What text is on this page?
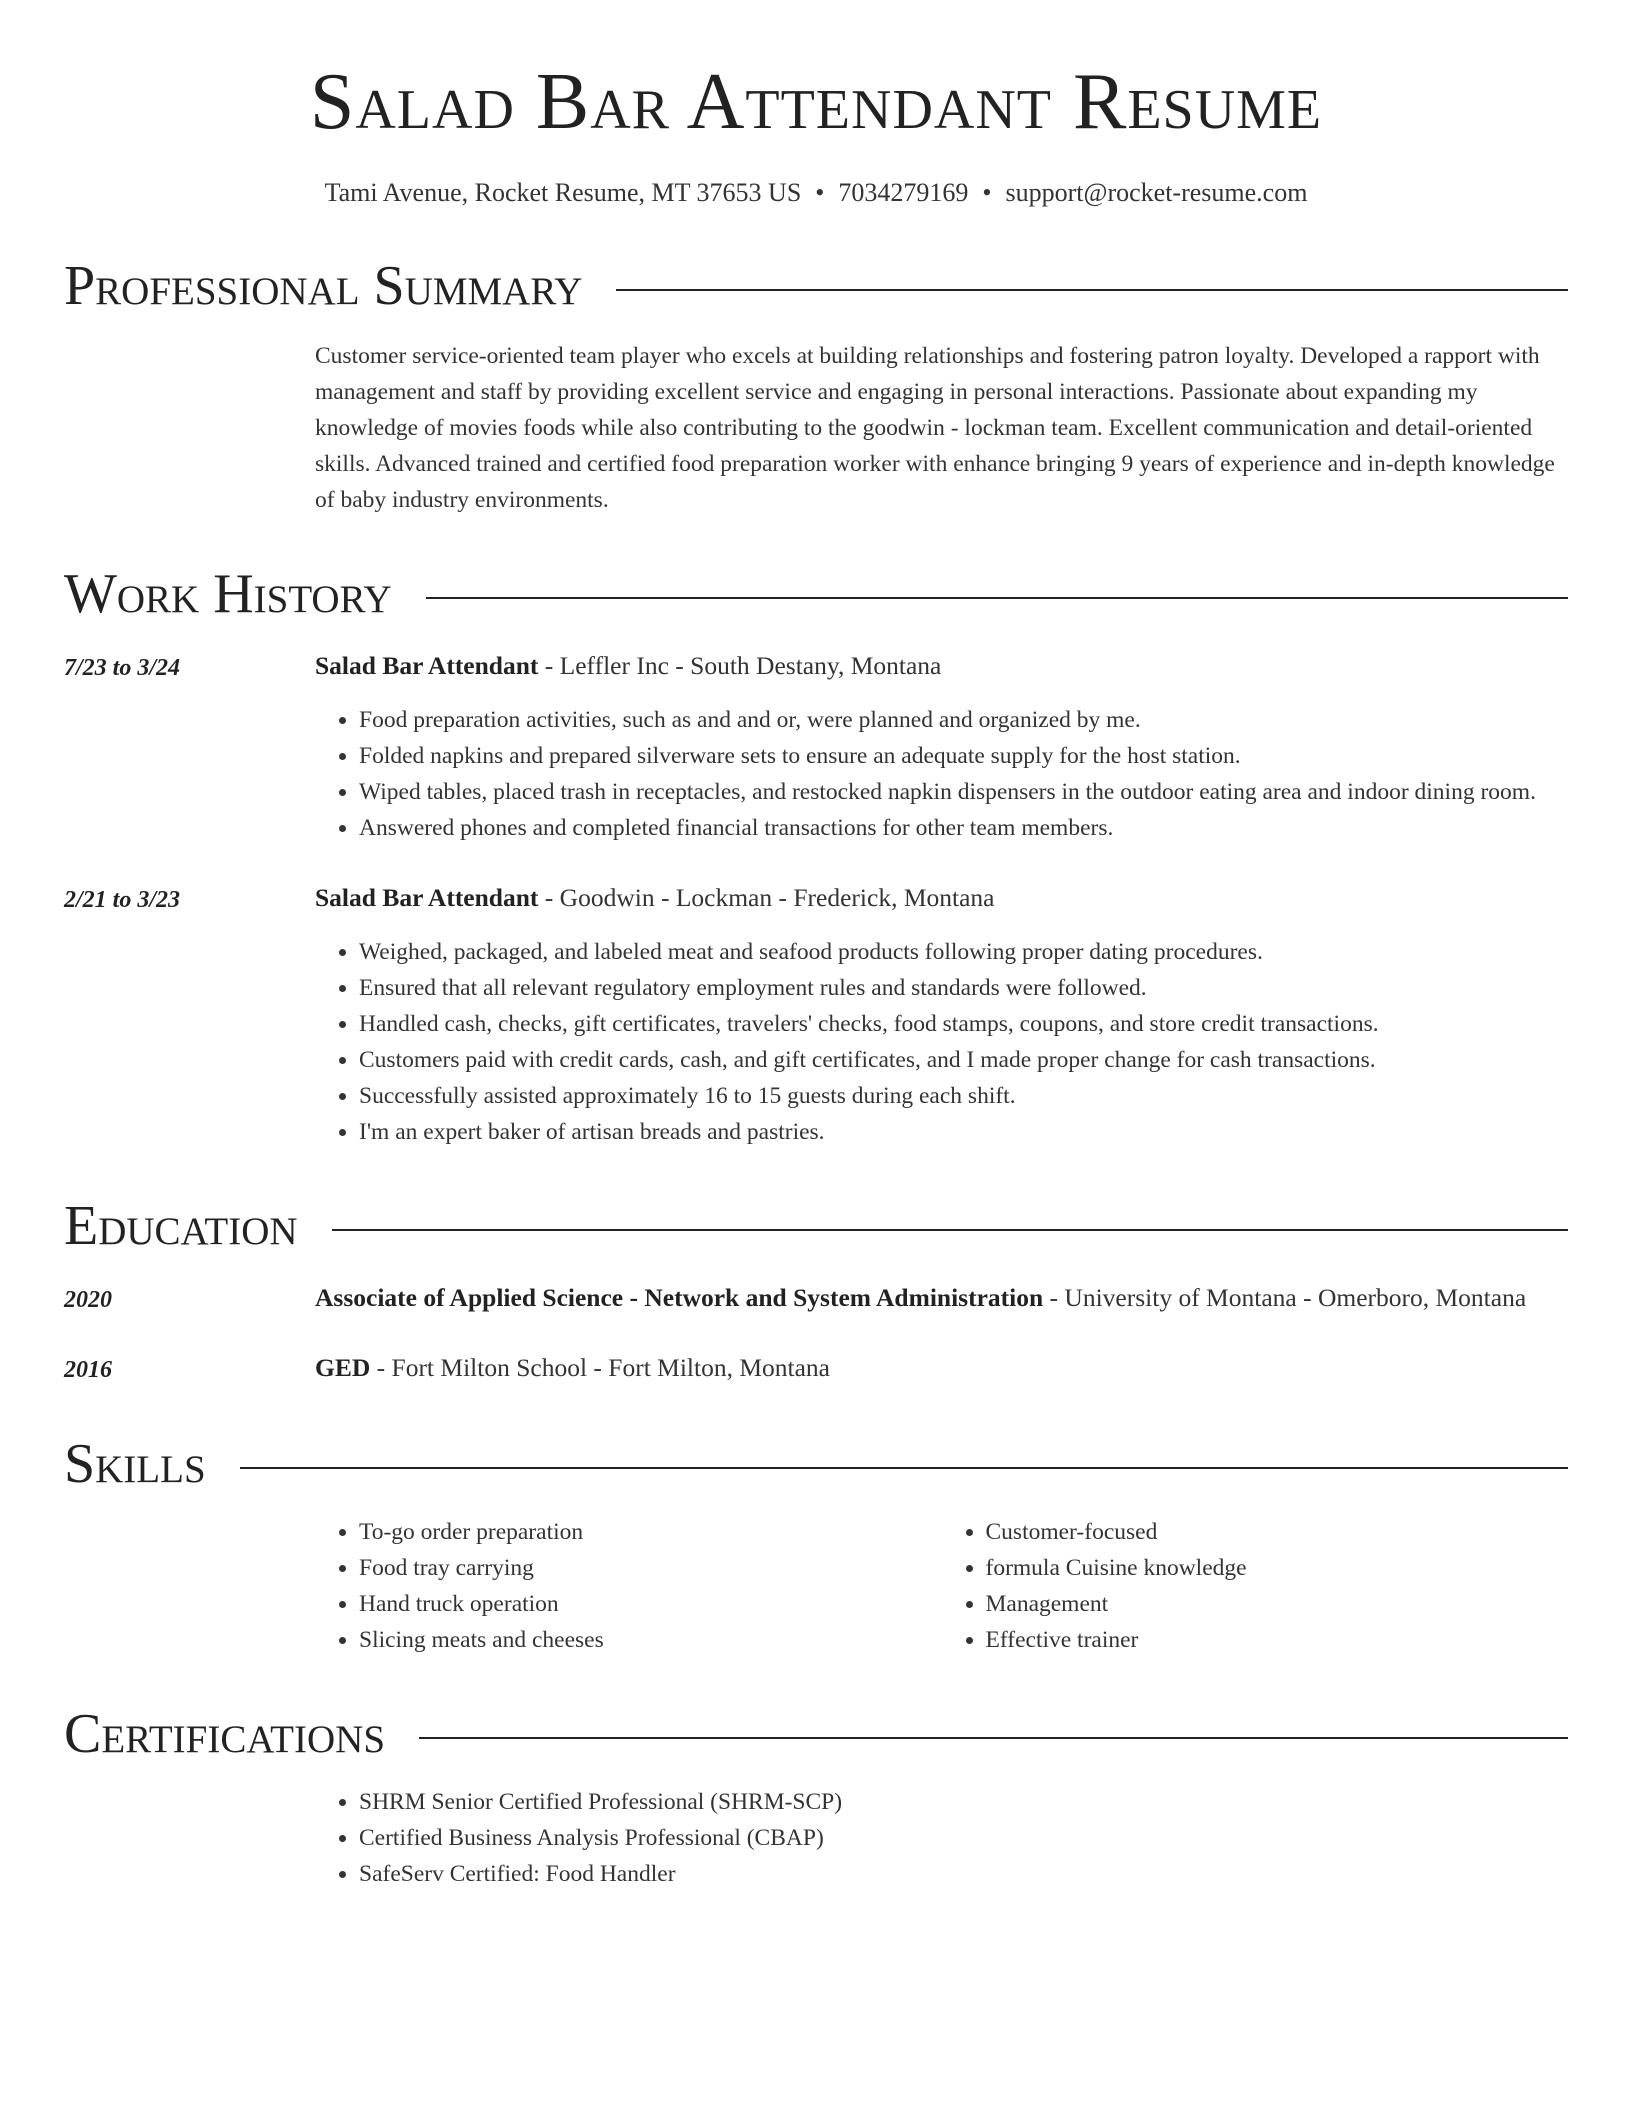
Salad Bar Attendant Resume
Tami Avenue, Rocket Resume, MT 37653 US • 7034279169 • support@rocket-resume.com
Professional Summary
Customer service-oriented team player who excels at building relationships and fostering patron loyalty. Developed a rapport with management and staff by providing excellent service and engaging in personal interactions. Passionate about expanding my knowledge of movies foods while also contributing to the goodwin - lockman team. Excellent communication and detail-oriented skills. Advanced trained and certified food preparation worker with enhance bringing 9 years of experience and in-depth knowledge of baby industry environments.
Work History
7/23 to 3/24	Salad Bar Attendant - Leffler Inc - South Destany, Montana
• Food preparation activities, such as and and or, were planned and organized by me.
• Folded napkins and prepared silverware sets to ensure an adequate supply for the host station.
• Wiped tables, placed trash in receptacles, and restocked napkin dispensers in the outdoor eating area and indoor dining room.
• Answered phones and completed financial transactions for other team members.
2/21 to 3/23	Salad Bar Attendant - Goodwin - Lockman - Frederick, Montana
• Weighed, packaged, and labeled meat and seafood products following proper dating procedures.
• Ensured that all relevant regulatory employment rules and standards were followed.
• Handled cash, checks, gift certificates, travelers' checks, food stamps, coupons, and store credit transactions.
• Customers paid with credit cards, cash, and gift certificates, and I made proper change for cash transactions.
• Successfully assisted approximately 16 to 15 guests during each shift.
• I'm an expert baker of artisan breads and pastries.
Education
2020	Associate of Applied Science - Network and System Administration - University of Montana - Omerboro, Montana
2016	GED - Fort Milton School - Fort Milton, Montana
Skills
• To-go order preparation
• Food tray carrying
• Hand truck operation
• Slicing meats and cheeses
• Customer-focused
• formula Cuisine knowledge
• Management
• Effective trainer
Certifications
• SHRM Senior Certified Professional (SHRM-SCP)
• Certified Business Analysis Professional (CBAP)
• SafeServ Certified: Food Handler
